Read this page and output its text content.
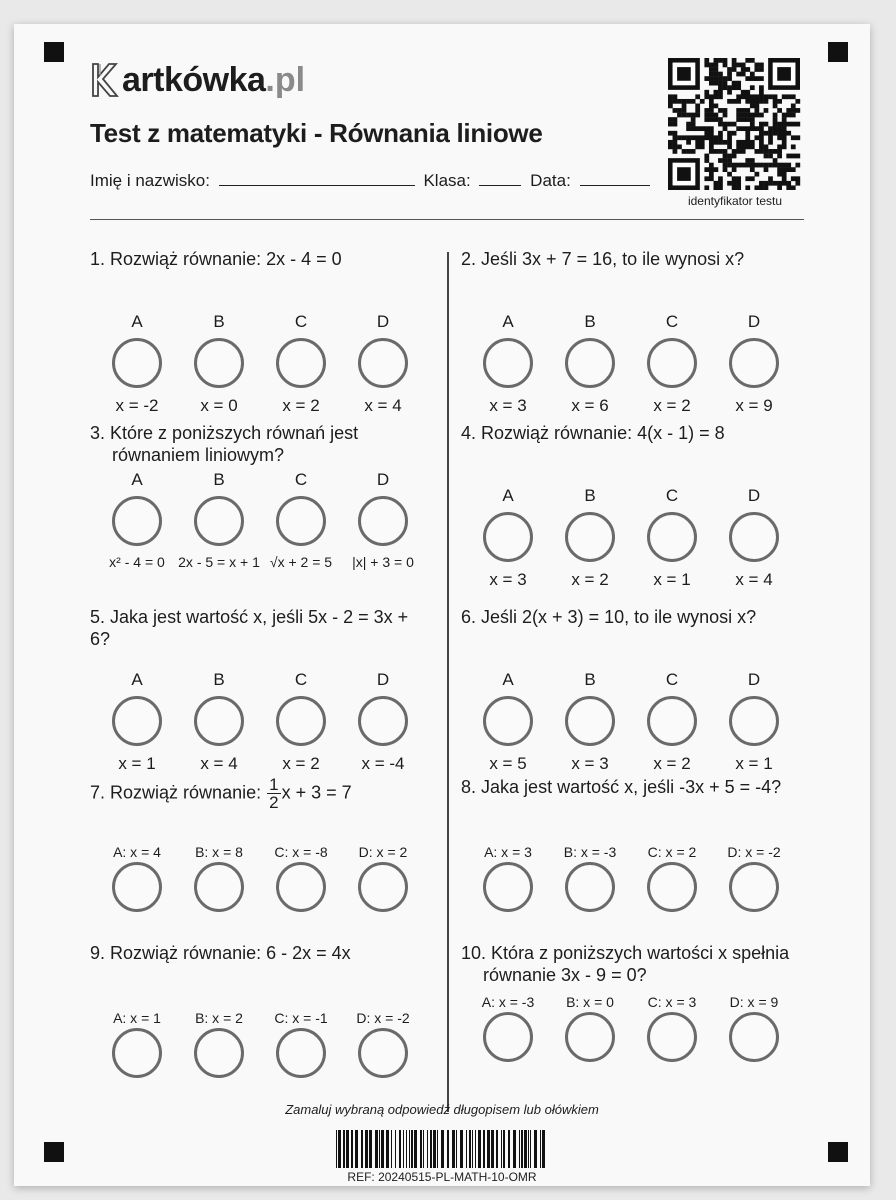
artkówka .pl
Test z matematyki - Równania liniowe
Imię i nazwisko:	Klasa:	Data:
identyfikator testu
1. Rozwiąż równanie: 2x - 4 = 0
A
x = -2
B
x = 0
C
x = 2
D
x = 4
2. Jeśli 3x + 7 = 16, to ile wynosi x?
A
x = 3
B
x = 6
C
x = 2
D
x = 9
3. Które z poniższych równań jest
równaniem liniowym?
A
x² - 4 = 0
B
2x - 5 = x + 1
C
√x + 2 = 5
D
|x| + 3 = 0
4. Rozwiąż równanie: 4(x - 1) = 8
A
x = 3
B
x = 2
C
x = 1
D
x = 4
5. Jaka jest wartość x, jeśli 5x - 2 = 3x + 6?
A
x = 1
B
x = 4
C
x = 2
D
x = -4
6. Jeśli 2(x + 3) = 10, to ile wynosi x?
A
x = 5
B
x = 3
C
x = 2
D
x = 1
7. Rozwiąż równanie: $\frac{1}{2}$ x + 3 = 7
A: x = 4	B: x = 8	C: x = -8	D: x = 2
8. Jaka jest wartość x, jeśli -3x + 5 = -4?
A: x = 3	B: x = -3	C: x = 2	D: x = -2
9. Rozwiąż równanie: 6 - 2x = 4x
A: x = 1	B: x = 2	C: x = -1	D: x = -2
10. Która z poniższych wartości x spełnia
równanie 3x - 9 = 0?
A: x = -3	B: x = 0	C: x = 3	D: x = 9
Zamaluj wybraną odpowiedź długopisem lub ołówkiem
REF: 20240515-PL-MATH-10-OMR
